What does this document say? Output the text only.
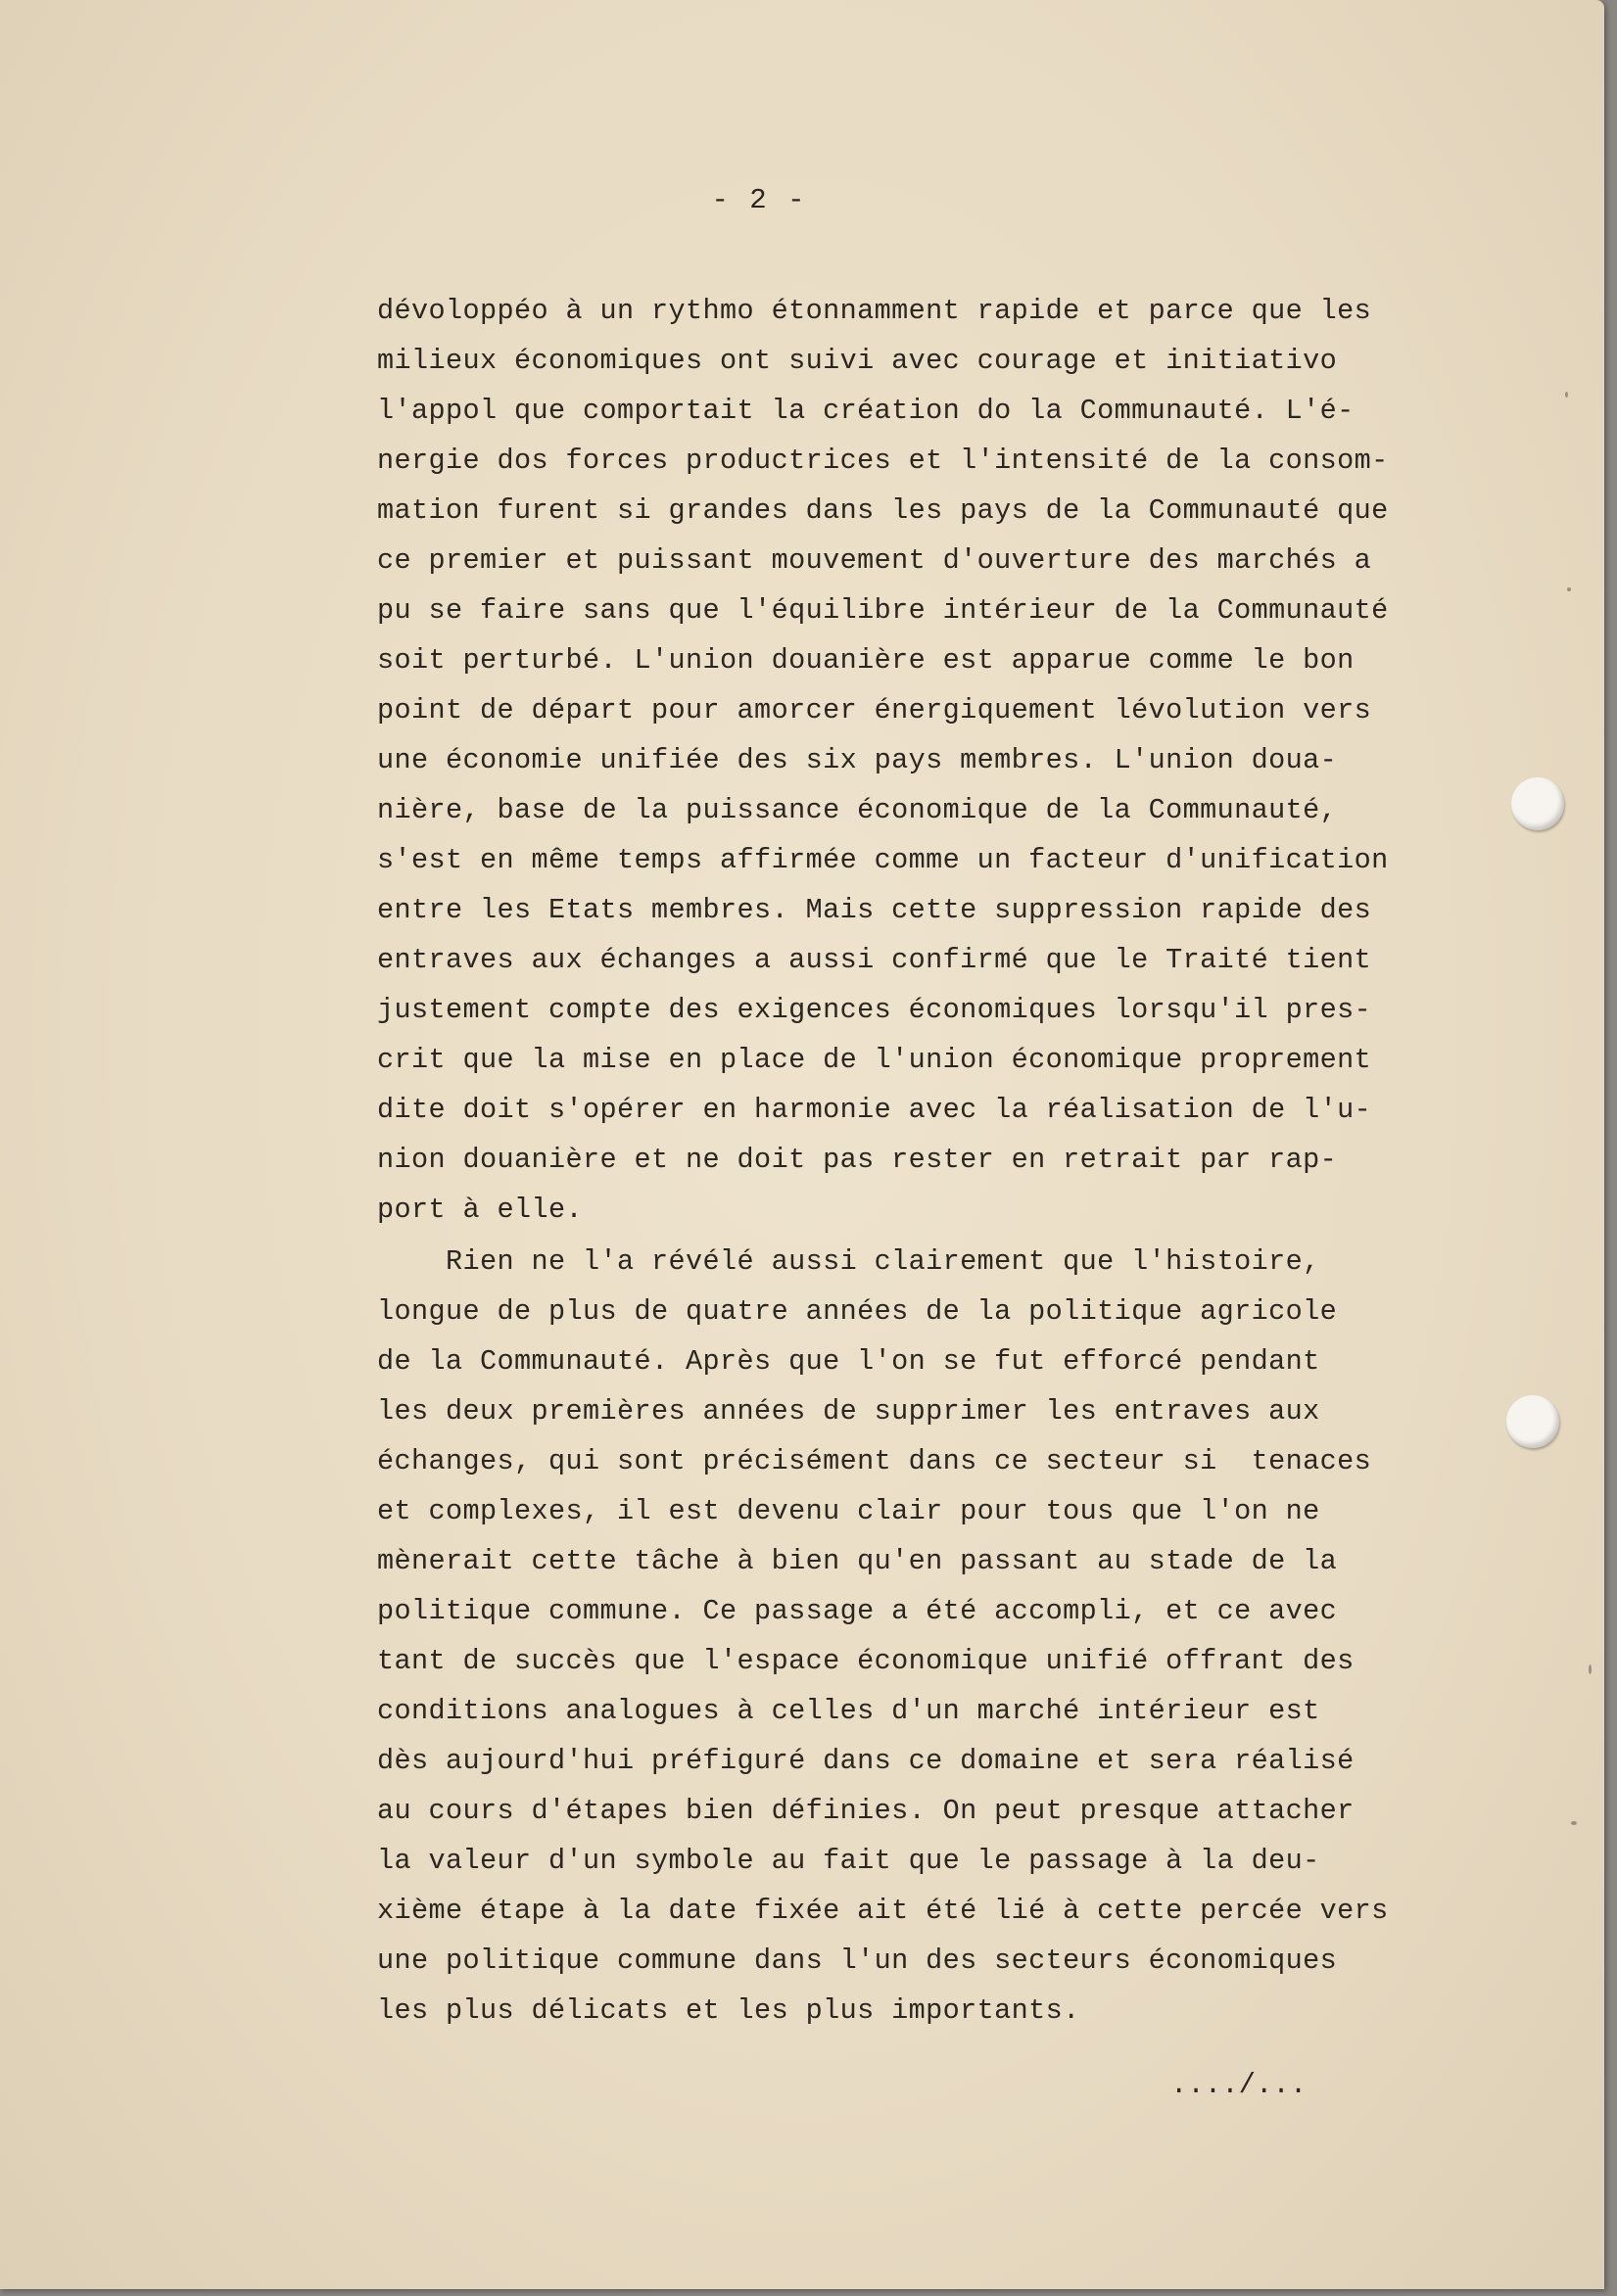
- 2 -
dévoloppéo à un rythmo étonnamment rapide et parce que les
milieux économiques ont suivi avec courage et initiativo
l'appol que comportait la création do la Communauté. L'é-
nergie dos forces productrices et l'intensité de la consom-
mation furent si grandes dans les pays de la Communauté que
ce premier et puissant mouvement d'ouverture des marchés a
pu se faire sans que l'équilibre intérieur de la Communauté
soit perturbé. L'union douanière est apparue comme le bon
point de départ pour amorcer énergiquement lévolution vers
une économie unifiée des six pays membres. L'union doua-
nière, base de la puissance économique de la Communauté,
s'est en même temps affirmée comme un facteur d'unification
entre les Etats membres. Mais cette suppression rapide des
entraves aux échanges a aussi confirmé que le Traité tient
justement compte des exigences économiques lorsqu'il pres-
crit que la mise en place de l'union économique proprement
dite doit s'opérer en harmonie avec la réalisation de l'u-
nion douanière et ne doit pas rester en retrait par rap-
port à elle.
Rien ne l'a révélé aussi clairement que l'histoire,
longue de plus de quatre années de la politique agricole
de la Communauté. Après que l'on se fut efforcé pendant
les deux premières années de supprimer les entraves aux
échanges, qui sont précisément dans ce secteur si  tenaces
et complexes, il est devenu clair pour tous que l'on ne
mènerait cette tâche à bien qu'en passant au stade de la
politique commune. Ce passage a été accompli, et ce avec
tant de succès que l'espace économique unifié offrant des
conditions analogues à celles d'un marché intérieur est
dès aujourd'hui préfiguré dans ce domaine et sera réalisé
au cours d'étapes bien définies. On peut presque attacher
la valeur d'un symbole au fait que le passage à la deu-
xième étape à la date fixée ait été lié à cette percée vers
une politique commune dans l'un des secteurs économiques
les plus délicats et les plus importants.
..../...
